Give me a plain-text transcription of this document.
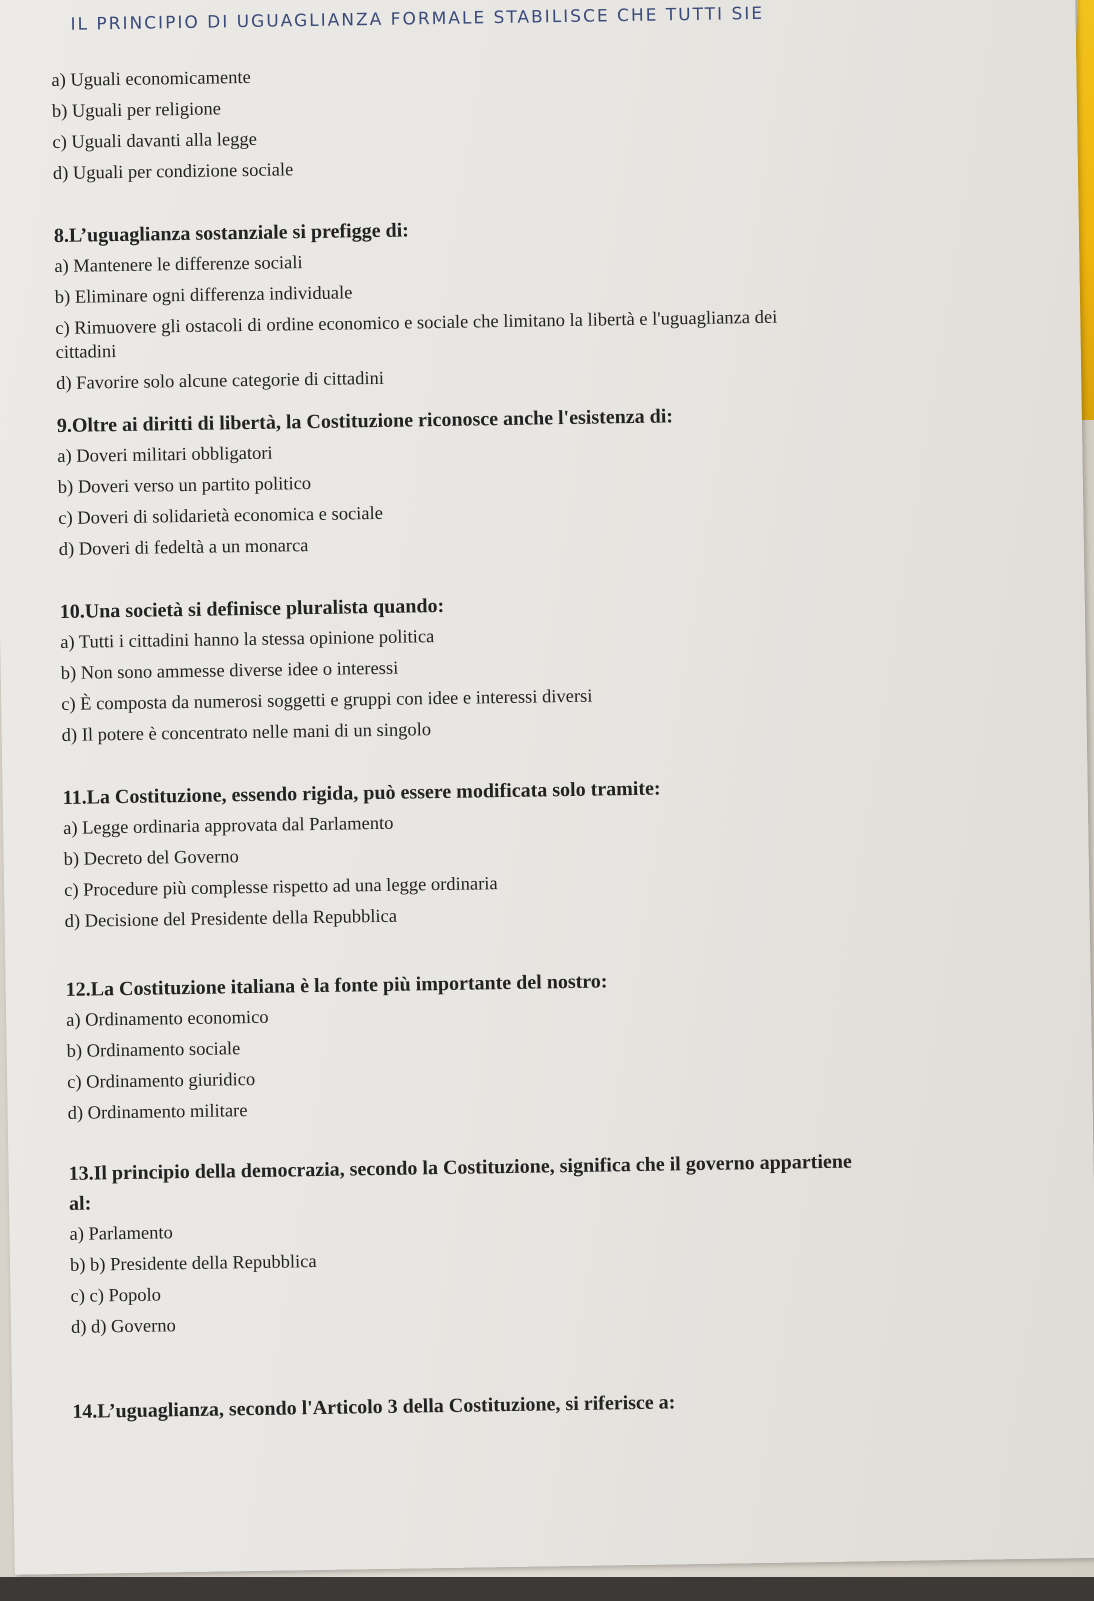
IL PRINCIPIO DI UGUAGLIANZA FORMALE STABILISCE CHE TUTTI SIE
a) Uguali economicamente
b) Uguali per religione
c) Uguali davanti alla legge
d) Uguali per condizione sociale
8.L’uguaglianza sostanziale si prefigge di:
a) Mantenere le differenze sociali
b) Eliminare ogni differenza individuale
c) Rimuovere gli ostacoli di ordine economico e sociale che limitano la libertà e l'uguaglianza dei
cittadini
d) Favorire solo alcune categorie di cittadini
9.Oltre ai diritti di libertà, la Costituzione riconosce anche l'esistenza di:
a) Doveri militari obbligatori
b) Doveri verso un partito politico
c) Doveri di solidarietà economica e sociale
d) Doveri di fedeltà a un monarca
10.Una società si definisce pluralista quando:
a) Tutti i cittadini hanno la stessa opinione politica
b) Non sono ammesse diverse idee o interessi
c) È composta da numerosi soggetti e gruppi con idee e interessi diversi
d) Il potere è concentrato nelle mani di un singolo
11.La Costituzione, essendo rigida, può essere modificata solo tramite:
a) Legge ordinaria approvata dal Parlamento
b) Decreto del Governo
c) Procedure più complesse rispetto ad una legge ordinaria
d) Decisione del Presidente della Repubblica
12.La Costituzione italiana è la fonte più importante del nostro:
a) Ordinamento economico
b) Ordinamento sociale
c) Ordinamento giuridico
d) Ordinamento militare
13.Il principio della democrazia, secondo la Costituzione, significa che il governo appartiene
al:
a) Parlamento
b) b) Presidente della Repubblica
c) c) Popolo
d) d) Governo
14.L’uguaglianza, secondo l'Articolo 3 della Costituzione, si riferisce a:
